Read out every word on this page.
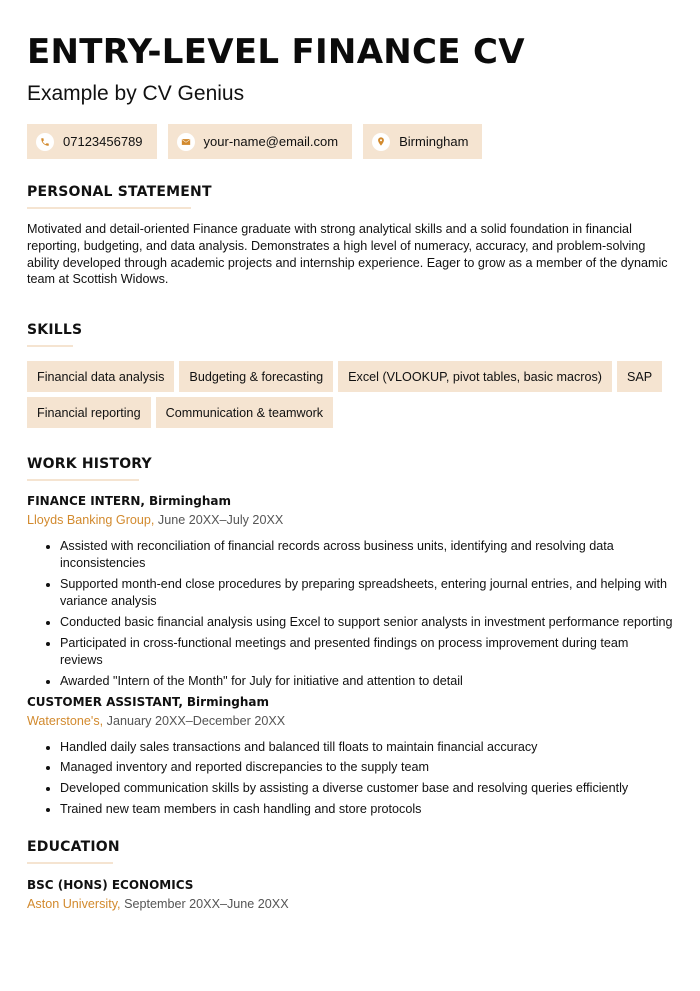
ENTRY-LEVEL FINANCE CV
Example by CV Genius
07123456789	your-name@email.com	Birmingham
PERSONAL STATEMENT

Motivated and detail-oriented Finance graduate with strong analytical skills and a solid foundation in financial reporting, budgeting, and data analysis. Demonstrates a high level of numeracy, accuracy, and problem-solving ability developed through academic projects and internship experience. Eager to grow as a member of the dynamic team at Scottish Widows.

SKILLS
Financial data analysis	Budgeting & forecasting	Excel (VLOOKUP, pivot tables, basic macros)	SAP
Financial reporting	Communication & teamwork
WORK HISTORY
FINANCE INTERN, Birmingham
Lloyds Banking Group, June 20XX–July 20XX
• Assisted with reconciliation of financial records across business units, identifying and resolving data inconsistencies
• Supported month-end close procedures by preparing spreadsheets, entering journal entries, and helping with variance analysis
• Conducted basic financial analysis using Excel to support senior analysts in investment performance reporting
• Participated in cross-functional meetings and presented findings on process improvement during team reviews
• Awarded "Intern of the Month" for July for initiative and attention to detail
CUSTOMER ASSISTANT, Birmingham
Waterstone's, January 20XX–December 20XX
• Handled daily sales transactions and balanced till floats to maintain financial accuracy
• Managed inventory and reported discrepancies to the supply team
• Developed communication skills by assisting a diverse customer base and resolving queries efficiently
• Trained new team members in cash handling and store protocols
EDUCATION
BSC (HONS) ECONOMICS
Aston University, September 20XX–June 20XX
